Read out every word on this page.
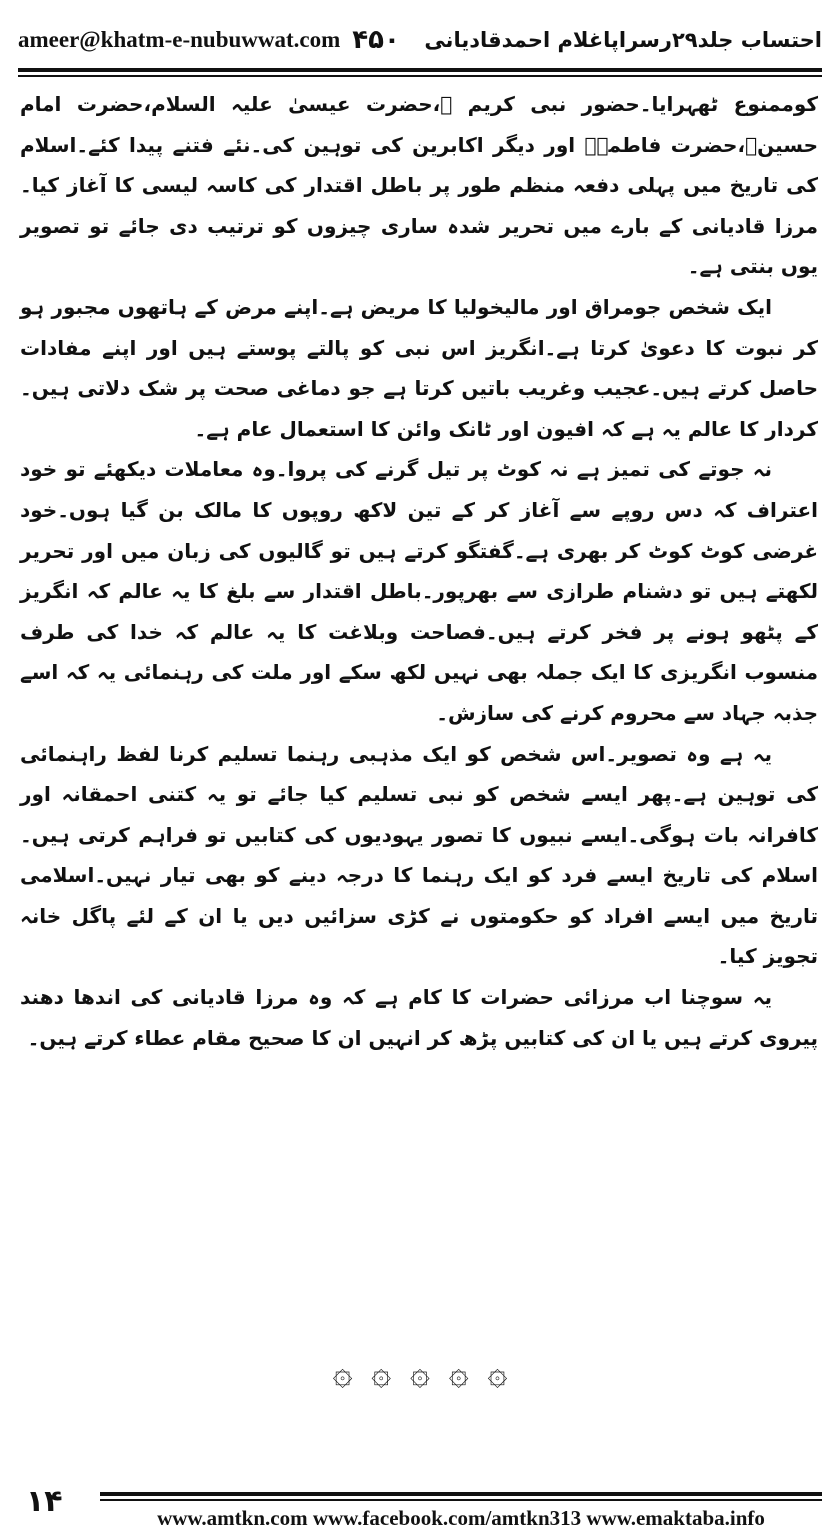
ameer@khatm-e-nubuwwat.com ۴۵۰ احتساب جلد۲۹رسراپاغلام احمدقادیانی

کوممنوع ٹھہرایا۔حضور نبی کریم ﷺ،حضرت عیسیٰ علیہ السلام،حضرت امام حسینؓ،حضرت فاطمہؓ اور دیگر اکابرین کی توہین کی۔نئے فتنے پیدا کئے۔اسلام کی تاریخ میں پہلی دفعہ منظم طور پر باطل اقتدار کی کاسہ لیسی کا آغاز کیا۔مرزا قادیانی کے بارے میں تحریر شدہ ساری چیزوں کو ترتیب دی جائے تو تصویر یوں بنتی ہے۔

ایک شخص جومراق اور مالیخولیا کا مریض ہے۔اپنے مرض کے ہاتھوں مجبور ہو کر نبوت کا دعویٰ کرتا ہے۔انگریز اس نبی کو پالتے پوستے ہیں اور اپنے مفادات حاصل کرتے ہیں۔عجیب وغریب باتیں کرتا ہے جو دماغی صحت پر شک دلاتی ہیں۔کردار کا عالم یہ ہے کہ افیون اور ٹانک وائن کا استعمال عام ہے۔

نہ جوتے کی تمیز ہے نہ کوٹ پر تیل گرنے کی پروا۔وہ معاملات دیکھئے تو خود اعتراف کہ دس روپے سے آغاز کر کے تین لاکھ روپوں کا مالک بن گیا ہوں۔خود غرضی کوٹ کوٹ کر بھری ہے۔گفتگو کرتے ہیں تو گالیوں کی زبان میں اور تحریر لکھتے ہیں تو دشنام طرازی سے بھرپور۔باطل اقتدار سے بلغ کا یہ عالم کہ انگریز کے پٹھو ہونے پر فخر کرتے ہیں۔فصاحت وبلاغت کا یہ عالم کہ خدا کی طرف منسوب انگریزی کا ایک جملہ بھی نہیں لکھ سکے اور ملت کی رہنمائی یہ کہ اسے جذبہ جہاد سے محروم کرنے کی سازش۔

یہ ہے وہ تصویر۔اس شخص کو ایک مذہبی رہنما تسلیم کرنا لفظ راہنمائی کی توہین ہے۔پھر ایسے شخص کو نبی تسلیم کیا جائے تو یہ کتنی احمقانہ اور کافرانہ بات ہوگی۔ایسے نبیوں کا تصور یہودیوں کی کتابیں تو فراہم کرتی ہیں۔اسلام کی تاریخ ایسے فرد کو ایک رہنما کا درجہ دینے کو بھی تیار نہیں۔اسلامی تاریخ میں ایسے افراد کو حکومتوں نے کڑی سزائیں دیں یا ان کے لئے پاگل خانہ تجویز کیا۔

یہ سوچنا اب مرزائی حضرات کا کام ہے کہ وہ مرزا قادیانی کی اندھا دھند پیروی کرتے ہیں یا ان کی کتابیں پڑھ کر انہیں ان کا صحیح مقام عطاء کرتے ہیں۔

۞ ۞ ۞ ۞ ۞
۱۴	www.amtkn.com www.facebook.com/amtkn313 www.emaktaba.info
